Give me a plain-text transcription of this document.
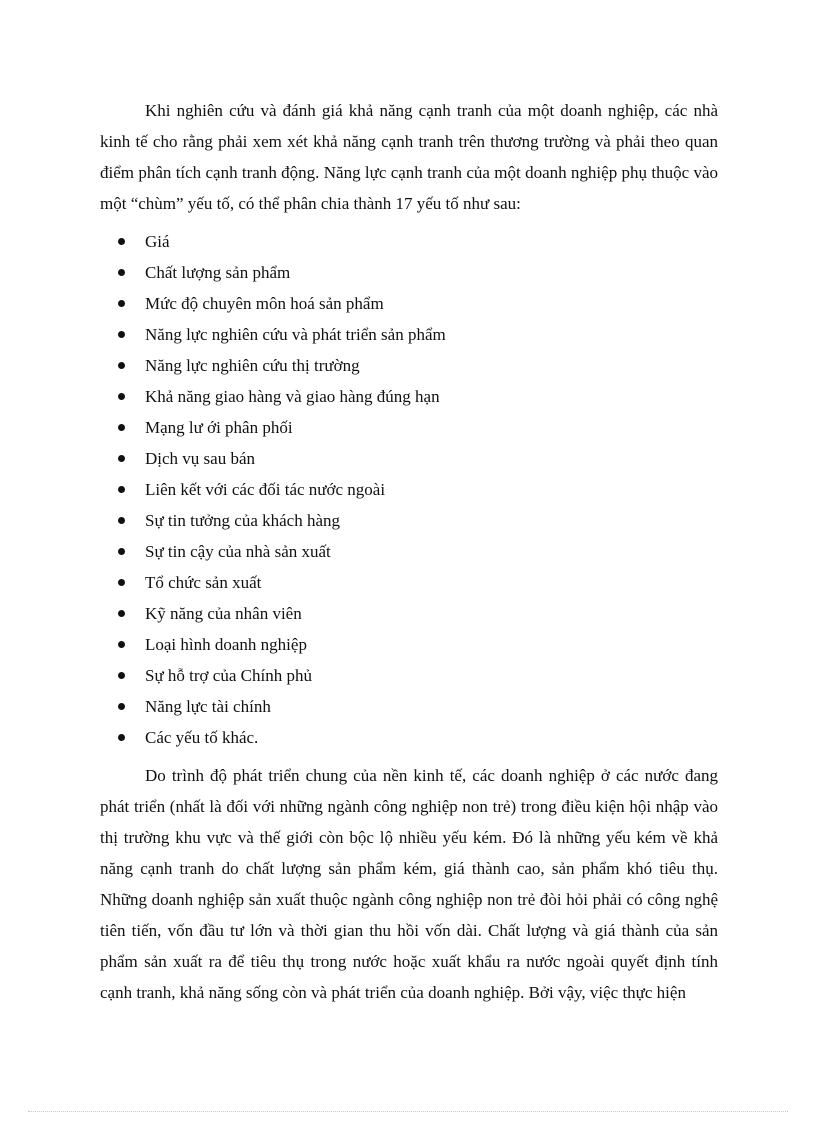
Khi nghiên cứu và đánh giá khả năng cạnh tranh của một doanh nghiệp, các nhà kinh tế cho rằng phải xem xét khả năng cạnh tranh trên thương trường và phải theo quan điểm phân tích cạnh tranh động. Năng lực cạnh tranh của một doanh nghiệp phụ thuộc vào một “chùm” yếu tố, có thể phân chia thành 17 yếu tố như sau:

Giá
Chất lượng sản phẩm
Mức độ chuyên môn hoá sản phẩm
Năng lực nghiên cứu và phát triển sản phẩm
Năng lực nghiên cứu thị trường
Khả năng giao hàng và giao hàng đúng hạn
Mạng lư ới phân phối
Dịch vụ sau bán
Liên kết với các đối tác nước ngoài
Sự tin tưởng của khách hàng
Sự tin cậy của nhà sản xuất
Tổ chức sản xuất
Kỹ năng của nhân viên
Loại hình doanh nghiệp
Sự hỗ trợ của Chính phủ
Năng lực tài chính
Các yếu tố khác.

Do trình độ phát triển chung của nền kinh tế, các doanh nghiệp ở các nước đang phát triển (nhất là đối với những ngành công nghiệp non trẻ) trong điều kiện hội nhập vào thị trường khu vực và thế giới còn bộc lộ nhiều yếu kém. Đó là những yếu kém về khả năng cạnh tranh do chất lượng sản phẩm kém, giá thành cao, sản phẩm khó tiêu thụ. Những doanh nghiệp sản xuất thuộc ngành công nghiệp non trẻ đòi hỏi phải có công nghệ tiên tiến, vốn đầu tư lớn và thời gian thu hồi vốn dài. Chất lượng và giá thành của sản phẩm sản xuất ra để tiêu thụ trong nước hoặc xuất khẩu ra nước ngoài quyết định tính cạnh tranh, khả năng sống còn và phát triển của doanh nghiệp. Bởi vậy, việc thực hiện
